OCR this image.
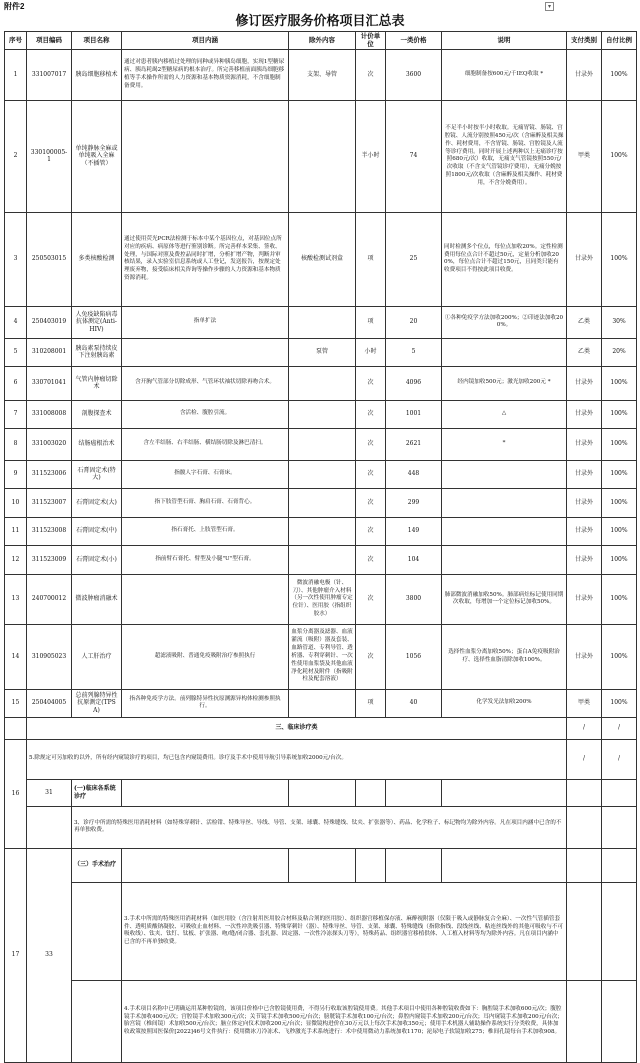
附件2	▾
修订医疗服务价格项目汇总表
序号	项目编码	项目名称	项目内涵	除外内容	计价单位	一类价格	说明	支付类别	自付比例
1	331007017	胰岛细胞移植术	通过对患者胰内移植过处理的同种或异种胰岛细胞，实现1型糖尿病、胰岛耗竭2型糖尿病的根本治疗。所完善移植前面胰岛细胞移植等手术操作所需的人力资源和基本物质资源消耗，不含细胞制备费用。	支架、导管	次	3600	细胞制备按600元/千IEQ收取 *	甘录外	100%
2	330100005-1	单纯静脉全麻或单纯吸入全麻（不插管）			半小时	74	不足半小时按半小时收取。无痛胃镜、肠镜、宫腔镜、人流分别按照450元/次（含麻醉及相关操作、耗材费用，不含胃镜、肠镜、宫腔镜及人流等诊疗费用。同时开展上述两种以上无痛诊疗按照680元/次）收取，无痛支气管镜按照550元/次收取（不含支气管镜诊疗费用），无痛分娩按照1800元/次收取（含麻醉及相关操作、耗材费用，不含分娩费用）。	甲类	100%
3	250503015	多类核酸检测	通过使用荧光PCR法检测于标本中某个基因位点，对基因位点所对应的疾病、病原体等进行鉴别诊断。所完善样本采集、签收、处理，与国际对照及费控品同时扩增，分析扩增产物，判断并审核结果，录入实验室信息系统或人工登记，发送报告，按规定处理废弃物，接受临床相关咨询等操作步骤的人力资源和基本物质资源消耗。	核酸检测试剂盒	项	25	同时检测多个位点，每位点加收20%。定性检测费用每位点合计不超过50元，定量分析加收200%，每位点合计不超过150元，且同类只能有收费项目不得按此项目收费。	甘录外	100%
4	250403019	人免疫缺陷病毒抗体测定(Anti-HIV)	指单扩法		项	20	①各种免疫学方法加收200%；②印迹法加收200%。	乙类	30%
5	310208001	胰岛素泵持续皮下注射胰岛素		泵管	小时	5		乙类	20%
6	330701041	气管内肿瘤切除术	含开胸气管部分切除成形、气管环状袖状切除再吻合术。		次	4096	经内镜加收500元；激光加收200元 *	甘录外	100%
7	331008008	剖腹探查术	含活检、腹腔引流。		次	1001	△	甘录外	100%
8	331003020	结肠癌根治术	含左半结肠、右半结肠、横结肠切除及淋巴清扫。		次	2621	*	甘录外	100%
9	311523006	石膏固定术(特大)	指髋人字石膏、石膏床。		次	448		甘录外	100%
10	311523007	石膏固定术(大)	指下肢管型石膏、胸肩石膏、石膏背心。		次	299		甘录外	100%
11	311523008	石膏固定术(中)	指石膏托、上肢管型石膏。		次	149		甘录外	100%
12	311523009	石膏固定术(小)	指前臂石膏托、臂型及小腿"U"型石膏。		次	104		甘录外	100%
13	240700012	微波肿瘤消融术		微波消融电极（针、刀）、其他肿瘤介入材料（另一次性使用肿瘤专定位针）、医用胶（指组织胶水）	次	3800	肺部微波消融加收50%。肺部病灶标记使用同期次收取，每增加一个定位标记加收50%。	甘录外	100%
14	310905023	人工肝治疗	超滤液吸附、普通免疫吸附治疗参照执行	血浆分离器及滤器、血液灌流（吸附）器及套装、血路管道、专利导管、透析器、专利穿刺针、一次性使用血浆袋及其他血液净化耗材及附件（指吸附柱及配套溶液）	次	1056	选择性血浆分离加收50%；蛋白A免疫吸附治疗、选择性血脂清除加收100%。	甘录外	100%
15	250404005	总前列腺特异性抗原测定(TPSA)	指各种免疫学方法。前列腺特异性抗原测源异构体检测参照执行。		项	40	化学发光法加收200%	甲类	100%
	三、临床诊疗类							/	/
16	5.除规定可另加收的以外，所有经内窥镜诊疗的项目，均已包含内窥镜费用。诊疗及手术中使用导航引导系统加收2000元/台次。							/	/
	31	(一)临床各系统诊疗							
		3、诊疗中所需的特殊医用消耗材料（如特殊穿刺针、活检钳、特殊导丝、导线、导管、支架、球囊、特殊缝线、钛夹、扩张器等）、药品、化学粒子、标记物均为除外内容。凡在项目内涵中已含的不再单独收费。							
17	33	（三）手术治疗							
			3.手术中所需的特殊医用消耗材料（如医用胶（含注射用医用胶合材料及粘合剂的医用胶）、组织器官移植保存液、麻醉视附器（仅限于吸入或静脉复合全麻）、一次性气管插管套件、透明质酸钠凝胶、可吸收止血材料、一次性冲洗吸引器、特殊穿刺针（器）、特殊导丝、导管、支架、球囊、特殊缝线（指除指线、段线丝线、粘连丝线外的其他可吸收与不可吸收线）、钛夹、钛钉、钛板、扩张器、吻/缝/闭合器、套扎器、固定器、一次性冷冻探头刀等），特殊药品、组织器官移植供体、人工植入材料等均为除外内容。凡在项目内涵中已含的不再单独收费。						
			4.手术项目名称中已明确运用某种腔镜的，该项目价格中已含腔镜使用费，不得另行收取该腔镜使用费。其他手术项目中使用各种腔镜收费如下：胸腔镜手术加收600元/次；腹腔镜手术加收400元/次；宫腔镜手术加收300元/次；关节镜手术加收500元/台次；膀胱镜手术加收100元/台次；鼻腔内窥镜手术加收200元/台次；耳内窥镜手术加收200元/台次；胎宫镜（椎间镜）术加收500元/台次；脑立体定向仪术加收200元/台次；显微镜构进价在30万元以上每次手术加收350元；使用手术机器人辅助操作系统实行分类收费，具体加收政策按照国医保价[2022]46号文件执行：使用微冰刀冷冻术、飞秒激光手术系统进行：术中使用微动力系统加收1170；泌尿电子软镜加收275；椎间孔镜每台手术加收908。						
